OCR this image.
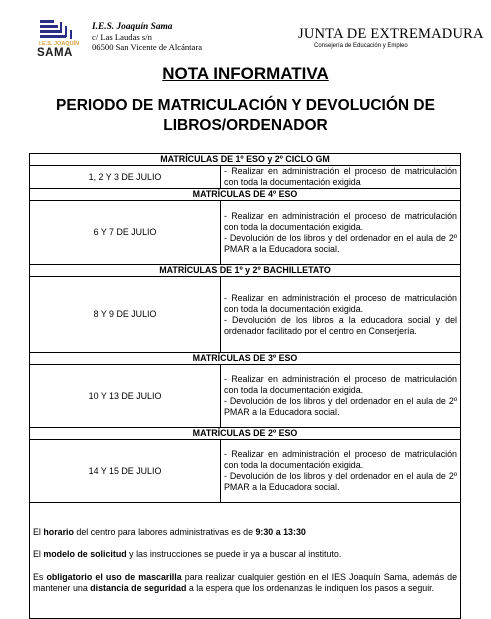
I.E.S. JOAQUÍN
SAMA
I.E.S. Joaquín Sama
c/ Las Laudas s/n
06500 San Vicente de Alcántara
JUNTA DE EXTREMADURA
Consejería de Educación y Empleo
NOTA INFORMATIVA
PERIODO DE MATRICULACIÓN Y DEVOLUCIÓN DE
LIBROS/ORDENADOR
MATRÍCULAS DE 1º ESO y 2º CICLO GM	
1, 2 Y 3 DE JULIO	- Realizar en administración el proceso de matriculación con toda la documentación exigida

MATRÍCULAS DE 4º ESO	
6 Y 7 DE JULIO	- Realizar en administración el proceso de matriculación con toda la documentación exigida.
- Devolución de los libros y del ordenador en el aula de 2º PMAR a la Educadora social.

MATRÍCULAS DE 1º y 2º BACHILLETATO	
8 Y 9 DE JULIO	- Realizar en administración el proceso de matriculación con toda la documentación exigida.
- Devolución de los libros a la educadora social y del ordenador facilitado por el centro en Conserjería.

MATRÍCULAS DE 3º ESO	
10 Y 13 DE JULIO	- Realizar en administración el proceso de matriculación con toda la documentación exigida.
- Devolución de los libros y del ordenador en el aula de 2º PMAR a la Educadora social.

MATRÍCULAS DE 2º ESO	
14 Y 15 DE JULIO	- Realizar en administración el proceso de matriculación con toda la documentación exigida.
- Devolución de los libros y del ordenador en el aula de 2º PMAR a la Educadora social.

El horario del centro para labores administrativas es de 9:30 a 13:30

El modelo de solicitud y las instrucciones se puede ir ya a buscar al instituto.

Es obligatorio el uso de mascarilla para realizar cualquier gestión en el IES Joaquín Sama, además de mantener una distancia de seguridad a la espera que los ordenanzas le indiquen los pasos a seguir.	
